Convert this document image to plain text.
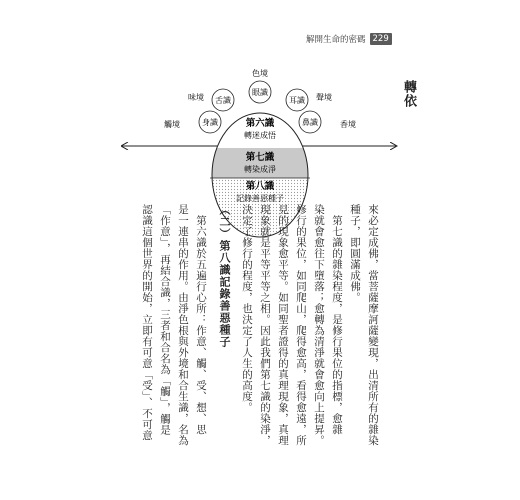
解開生命的密碼 229
轉依
身識
舌識
眼識
耳識
鼻識
觸境
味境
色境
聲境
香境
第六識
轉迷成悟
第七識
轉染成淨
第八識
記錄善惡種子
來必定成佛，當菩薩摩訶薩變現，出清所有的雜染
種子，即圓滿成佛。
　第七識的雜染程度，是修行果位的指標，愈雜
染就會愈往下墮落；愈轉為清淨就會愈向上提昇。
修行的果位，如同爬山，爬得愈高，看得愈遠，所
見的現象愈平等。如同聖者證得的真理現象，真理
現象就是平等平等之相。因此我們第七識的染淨，
決定了修行的程度，也決定了人生的高度。
（二）第八識記錄善惡種子
　第六識於五遍行心所：作意、觸、受、想、思
是一連串的作用。由淨色根與外境和合生識，名為
「作意」，再結合識，三者和合名為「觸」，觸是
認識這個世界的開始，立即有可意「受」、不可意
